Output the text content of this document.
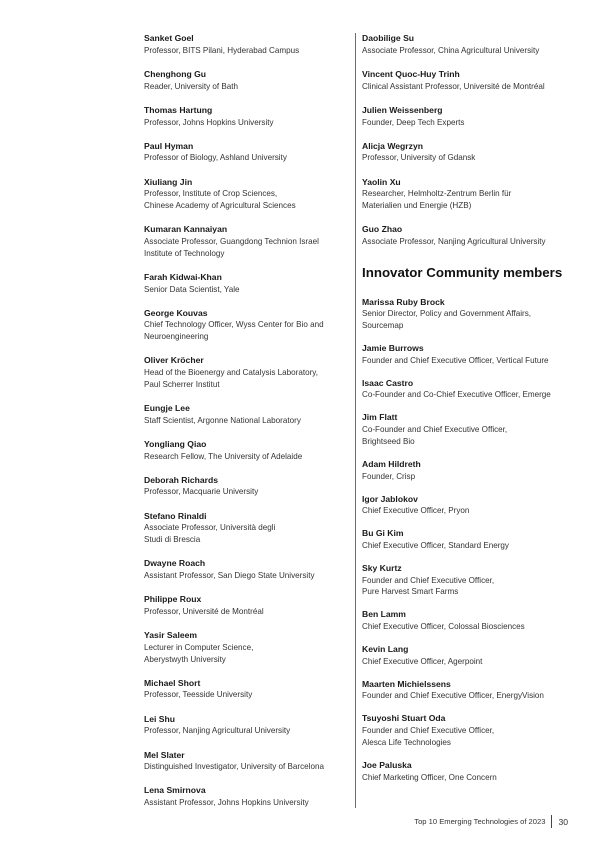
Sanket Goel
Professor, BITS Pilani, Hyderabad Campus
Chenghong Gu
Reader, University of Bath
Thomas Hartung
Professor, Johns Hopkins University
Paul Hyman
Professor of Biology, Ashland University
Xiuliang Jin
Professor, Institute of Crop Sciences,
Chinese Academy of Agricultural Sciences
Kumaran Kannaiyan
Associate Professor, Guangdong Technion Israel
Institute of Technology
Farah Kidwai-Khan
Senior Data Scientist, Yale
George Kouvas
Chief Technology Officer, Wyss Center for Bio and
Neuroengineering
Oliver Kröcher
Head of the Bioenergy and Catalysis Laboratory,
Paul Scherrer Institut
Eungje Lee
Staff Scientist, Argonne National Laboratory
Yongliang Qiao
Research Fellow, The University of Adelaide
Deborah Richards
Professor, Macquarie University
Stefano Rinaldi
Associate Professor, Università degli
Studi di Brescia
Dwayne Roach
Assistant Professor, San Diego State University
Philippe Roux
Professor, Université de Montréal
Yasir Saleem
Lecturer in Computer Science,
Aberystwyth University
Michael Short
Professor, Teesside University
Lei Shu
Professor, Nanjing Agricultural University
Mel Slater
Distinguished Investigator, University of Barcelona
Lena Smirnova
Assistant Professor, Johns Hopkins University
Daobilige Su
Associate Professor, China Agricultural University
Vincent Quoc-Huy Trinh
Clinical Assistant Professor, Université de Montréal
Julien Weissenberg
Founder, Deep Tech Experts
Alicja Wegrzyn
Professor, University of Gdansk
Yaolin Xu
Researcher, Helmholtz-Zentrum Berlin für
Materialien und Energie (HZB)
Guo Zhao
Associate Professor, Nanjing Agricultural University
Innovator Community members
Marissa Ruby Brock
Senior Director, Policy and Government Affairs,
Sourcemap
Jamie Burrows
Founder and Chief Executive Officer, Vertical Future
Isaac Castro
Co-Founder and Co-Chief Executive Officer, Emerge
Jim Flatt
Co-Founder and Chief Executive Officer,
Brightseed Bio
Adam Hildreth
Founder, Crisp
Igor Jablokov
Chief Executive Officer, Pryon
Bu Gi Kim
Chief Executive Officer, Standard Energy
Sky Kurtz
Founder and Chief Executive Officer,
Pure Harvest Smart Farms
Ben Lamm
Chief Executive Officer, Colossal Biosciences
Kevin Lang
Chief Executive Officer, Agerpoint
Maarten Michielssens
Founder and Chief Executive Officer, EnergyVision
Tsuyoshi Stuart Oda
Founder and Chief Executive Officer,
Alesca Life Technologies
Joe Paluska
Chief Marketing Officer, One Concern
Top 10 Emerging Technologies of 2023 30
